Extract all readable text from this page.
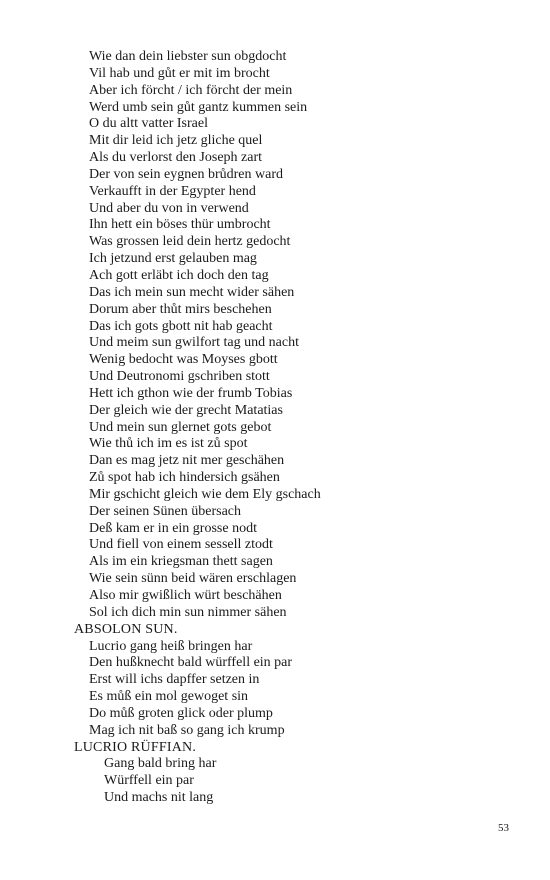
Wie dan dein liebster sun obgdocht
Vil hab und gůt er mit im brocht
Aber ich förcht / ich förcht der mein
Werd umb sein gůt gantz kummen sein
O du altt vatter Israel
Mit dir leid ich jetz gliche quel
Als du verlorst den Joseph zart
Der von sein eygnen brůdren ward
Verkaufft in der Egypter hend
Und aber du von in verwend
Ihn hett ein böses thür umbrocht
Was grossen leid dein hertz gedocht
Ich jetzund erst gelauben mag
Ach gott erläbt ich doch den tag
Das ich mein sun mecht wider sähen
Dorum aber thůt mirs beschehen
Das ich gots gbott nit hab geacht
Und meim sun gwilfort tag und nacht
Wenig bedocht was Moyses gbott
Und Deutronomi gschriben stott
Hett ich gthon wie der frumb Tobias
Der gleich wie der grecht Matatias
Und mein sun glernet gots gebot
Wie thů ich im es ist zů spot
Dan es mag jetz nit mer geschähen
Zů spot hab ich hindersich gsähen
Mir gschicht gleich wie dem Ely gschach
Der seinen Sünen übersach
Deß kam er in ein grosse nodt
Und fiell von einem sessell ztodt
Als im ein kriegsman thett sagen
Wie sein sünn beid wären erschlagen
Also mir gwißlich würt beschähen
Sol ich dich min sun nimmer sähen
ABSOLON SUN.
Lucrio gang heiß bringen har
Den hußknecht bald würffell ein par
Erst will ichs dapffer setzen in
Es můß ein mol gewoget sin
Do můß groten glick oder plump
Mag ich nit baß so gang ich krump
LUCRIO RÜFFIAN.
Gang bald bring har
Würffell ein par
Und machs nit lang
53
